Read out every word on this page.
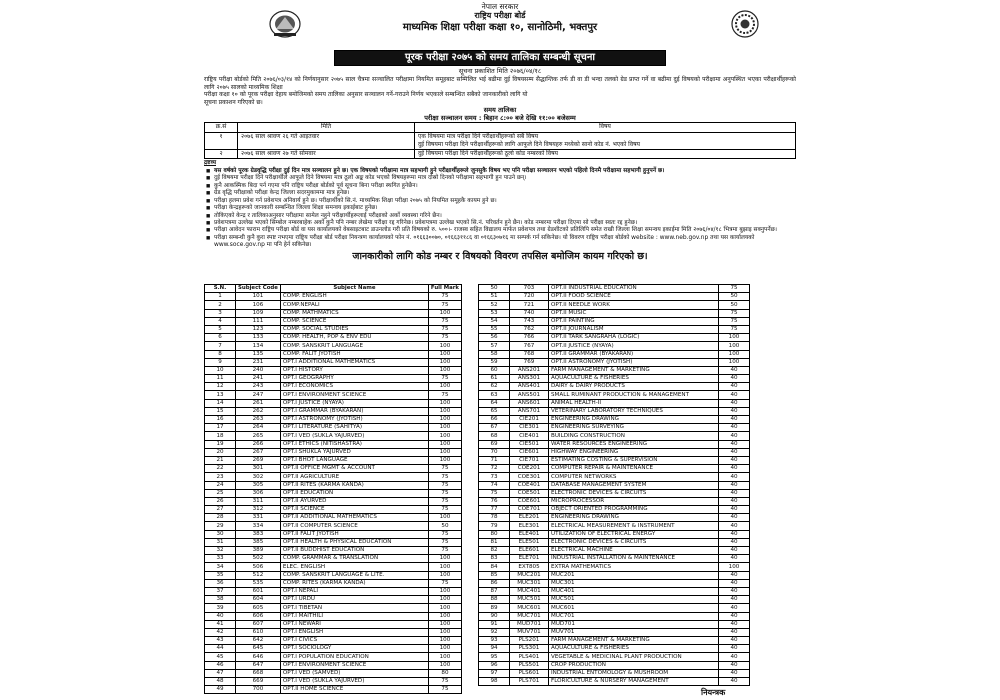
नेपाल सरकार
राष्ट्रिय परीक्षा बोर्ड
माध्यमिक शिक्षा परीक्षा कक्षा १०, सानोठिमी, भक्तपुर
पूरक परीक्षा २०७५ को समय तालिका सम्बन्धी सूचना
सूचना प्रकाशित मिति २०७६/०४/१८

राष्ट्रिय परीक्षा बोर्डको मिति २०७६/०३/१४ को निर्णयानुसार २०७५ साल चैत्रमा सञ्चालित परीक्षामा नियमित समूहबाट सम्मिलित भई बढीमा दुई विषयसम्म सैद्धान्तिक तर्फ डी वा डी भन्दा तलको ग्रेड प्राप्त गर्ने वा बढीमा दुई विषयको परीक्षामा अनुपस्थित भएका परीक्षार्थीहरूको लागि २०७५ सालको माध्यमिक शिक्षा

परीक्षा कक्षा १० को पूरक परीक्षा देहाय बमोजिमको समय तालिका अनुसार सञ्चालन गर्ने-गराउने निर्णय भएकाले सम्बन्धित सबैको जानकारीको लागि यो

सूचना प्रकाशन गरिएको छ।

समय तालिका
परीक्षा सञ्चालन समय : बिहान ८:०० बजे देखि ११:०० बजेसम्म
क्र.सं	मिति	विषय
१	२०७६ साल श्रावण २६ गते आइतवार	एक विषयमा मात्र परीक्षा दिने परीक्षार्थीहरूको सबै विषय
दुई विषयमा परीक्षा दिने परीक्षार्थीहरूको लागि आफूले दिने विषयहरु मध्येको सानो कोड नं. भएको विषय

२	२०७६ साल श्रावण २७ गते सोमवार	दुई विषयमा परीक्षा दिने परीक्षार्थीहरूको ठूलो कोड नम्बरको विषय
द्रष्टव्य
■ यस वर्षको पूरक ग्रेडवृद्धि परीक्षा दुई दिन मात्र सञ्चालन हुने छ। एक विषयको परीक्षामा मात्र सहभागी हुने परीक्षार्थीहरूले जुनसुकै विषय भए पनि परीक्षा सञ्चालन भएको पहिलो दिनमै परीक्षामा सहभागी हुनुपर्ने छ।
■ दुई विषयमा परीक्षा दिने परीक्षार्थीले आफूले दिने विषयमा मात्र ठूलो अङ्क कोड भएको विषयहरूमा मात्र दोस्रो दिनको परीक्षामा सहभागी हुन पाउने छन्।
■ कुनै आकस्मिक बिदा पर्न गएमा पनि राष्ट्रिय परीक्षा बोर्डको पूर्व सूचना बिना परीक्षा स्थगित हुनेछैन।
■ ग्रेड वृद्धि परीक्षाको परीक्षा केन्द्र जिल्ला सदरमुकाममा मात्र हुनेछ।
■ परीक्षा हलमा प्रवेश गर्न प्रवेशपत्र अनिवार्य हुने छ। परीक्षार्थीको सि.नं. माध्यमिक शिक्षा परीक्षा २०७५ को नियमित समूहकै कायम हुने छ।
■ परीक्षा केन्द्रहरूको जानकारी सम्बन्धित जिल्ला शिक्षा समन्वय इकाईबाट हुनेछ।
■ तोकिएको केन्द्र र तालिकाअनुसार परीक्षामा सामेल नहुने परीक्षार्थीहरूलाई परीक्षाको अर्को व्यवस्था गरिने छैन।
■ प्रवेशपत्रमा उल्लेख भएको सिम्बोल नम्बरबाहेक अर्को कुनै पनि नम्बर लेखेमा परीक्षा रद्द गरिनेछ। प्रवेशपत्रमा उल्लेख भएको सि.नं. परिवर्तन हुने छैन। कोड नम्बरमा परीक्षा दिएमा सो परीक्षा स्वतः रद्द हुनेछ।
■ परीक्षा आवेदन फाराम राष्ट्रिय परीक्षा बोर्ड वा यस कार्यालयको वेबसाइटबाट डाउनलोड गरी प्रति विषयको रु. ५००।- राजस्व सहित विद्यालय मार्फत प्रवेशपत्र तथा ग्रेडशीटको प्रतिलिपि समेत राखी जिल्ला शिक्षा समन्वय इकाईमा मिति २०७६/०४/१८ भित्रमा बुझाइ सक्नुपर्नेछ।
■ परीक्षा सम्बन्धी कुनै कुरा स्पष्ट नभएमा राष्ट्रिय परीक्षा बोर्ड परीक्षा नियन्त्रण कार्यालयको फोन नं. ०१६६३००७०, ०१६६३११८६ वा ०१६६३०७१६ मा सम्पर्क गर्न सकिनेछ। यो विवरण राष्ट्रिय परीक्षा बोर्डको website : www.neb.gov.np तथा यस कार्यालयको www.soce.gov.np मा पनि हेर्न सकिनेछ।
जानकारीको लागि कोड नम्बर र विषयको विवरण तपसिल बमोजिम कायम गरिएको छ।
S.N.	Subject Code	Subject Name	Full Mark
1	101	COMP. ENGLISH	75
2	106	COMP.NEPALI	75
3	109	COMP. MATHMATICS	100
4	111	COMP. SCIENCE	75
5	123	COMP. SOCIAL STUDIES	75
6	133	COMP. HEALTH, POP & ENV EDU	75
7	134	COMP. SANSKRIT LANGUAGE	100
8	135	COMP. FALIT JYOTISH	100
9	231	OPT.I ADDITIONAL MATHEMATICS	100
10	240	OPT.I HISTORY	100
11	241	OPT.I GEOGRAPHY	75
12	243	OPT.I ECONOMICS	100
13	247	OPT.I ENVIRONMENT SCIENCE	75
14	261	OPT.I JUSTICE (NYAYA)	100
15	262	OPT.I GRAMMAR (BYAKARAN)	100
16	263	OPT.I ASTRONOMY (JYOTISH)	100
17	264	OPT.I LITERATURE (SAHITYA)	100
18	265	OPT.I VED (SUKLA YAJURVED)	100
19	266	OPT.I ETHICS (NITISHASTRA)	100
20	267	OPT.I SHUKLA YAJURVED	100
21	269	OPT.I BHOT LANGUAGE	100
22	301	OPT.II OFFICE MGMT & ACCOUNT	75
23	302	OPT.II AGRICULTURE	75
24	305	OPT.II RITES (KARMA KANDA)	75
25	306	OPT.II EDUCATION	75
26	311	OPT.II AYURVED	75
27	312	OPT.II SCIENCE	75
28	331	OPT.II ADDITIONAL MATHEMATICS	100
29	334	OPT.II COMPUTER SCIENCE	50
30	383	OPT.II FALIT JYOTISH	75
31	385	OPT.II HEALTH & PHYSICAL EDUCATION	75
32	389	OPT.II BUDDHIST EDUCATION	75
33	502	COMP. GRAMMAR & TRANSLATION	100
34	506	ELEC. ENGLISH	100
35	512	COMP. SANSKRIT LANGUAGE & LITE.	100
36	535	COMP. RITES (KARMA KANDA)	75
37	601	OPT.I NEPALI	100
38	604	OPT.I URDU	100
39	605	OPT.I TIBETAN	100
40	606	OPT.I MAITHILI	100
41	607	OPT.I NEWARI	100
42	610	OPT.I ENGLISH	100
43	642	OPT.I CIVICS	100
44	645	OPT.I SOCIOLOGY	100
45	646	OPT.I POPULATION EDUCATION	100
46	647	OPT.I ENVIRONMENT SCIENCE	100
47	668	OPT.I VED (SAMVED)	80
48	669	OPT.I VED (SUKLA YAJURVED)	75
49	700	OPT.II HOME SCIENCE	75
50	703	OPT.II INDUSTRIAL EDUCATION	75
51	720	OPT.II FOOD SCIENCE	50
52	721	OPT.II NEEDLE WORK	50
53	740	OPT.II MUSIC	75
54	743	OPT.II PAINTING	75
55	762	OPT.II JOURNALISM	75
56	766	OPT.II TARK SANGRAHA (LOGIC)	100
57	767	OPT.II JUSTICE (NYAYA)	100
58	768	OPT.II GRAMMAR (BYAKARAN)	100
59	769	OPT.II ASTRONOMY (JYOTISH)	100
60	ANS201	FARM MANAGEMENT & MARKETING	40
61	ANS301	AQUACULTURE & FISHERIES	40
62	ANS401	DAIRY & DAIRY PRODUCTS	40
63	ANS501	SMALL RUMINANT PRODUCTION & MANAGEMENT	40
64	ANS601	ANIMAL HEALTH-II	40
65	ANS701	VETERINARY LABORATORY TECHNIQUES	40
66	CIE201	ENGINEERING DRAWING	40
67	CIE301	ENGINEERING SURVEYING	40
68	CIE401	BUILDING CONSTRUCTION	40
69	CIE501	WATER RESOURCES ENGINEERING	40
70	CIE601	HIGHWAY ENGINEERING	40
71	CIE701	ESTIMATING COSTING & SUPERVISION	40
72	COE201	COMPUTER REPAIR & MAINTENANCE	40
73	COE301	COMPUTER NETWORKS	40
74	COE401	DATABASE MANAGEMENT SYSTEM	40
75	COE501	ELECTRONIC DEVICES & CIRCUITS	40
76	COE601	MICROPROCESSOR	40
77	COE701	OBJECT ORIENTED PROGRAMMING	40
78	ELE201	ENGINEERING DRAWING	40
79	ELE301	ELECTRICAL MEASUREMENT & INSTRUMENT	40
80	ELE401	UTILIZATION OF ELECTRICAL ENERGY	40
81	ELE501	ELECTRONIC DEVICES & CIRCUITS	40
82	ELE601	ELECTRICAL MACHINE	40
83	ELE701	INDUSTRIAL INSTALLATION & MAINTENANCE	40
84	EXT805	EXTRA MATHEMATICS	100
85	MUC201	MUC201	40
86	MUC301	MUC301	40
87	MUC401	MUC401	40
88	MUC501	MUC501	40
89	MUC601	MUC601	40
90	MUC701	MUC701	40
91	MUD701	MUD701	40
92	MUV701	MUV701	40
93	PLS201	FARM MANAGEMENT & MARKETING	40
94	PLS301	AQUACULTURE & FISHERIES	40
95	PLS401	VEGETABLE & MEDICINAL PLANT PRODUCTION	40
96	PLS501	CROP PRODUCTION	40
97	PLS601	INDUSTRIAL ENTOMOLOGY & MUSHROOM	40
98	PLS701	FLORICULTURE & NURSERY MANAGEMENT	40
नियन्त्रक
